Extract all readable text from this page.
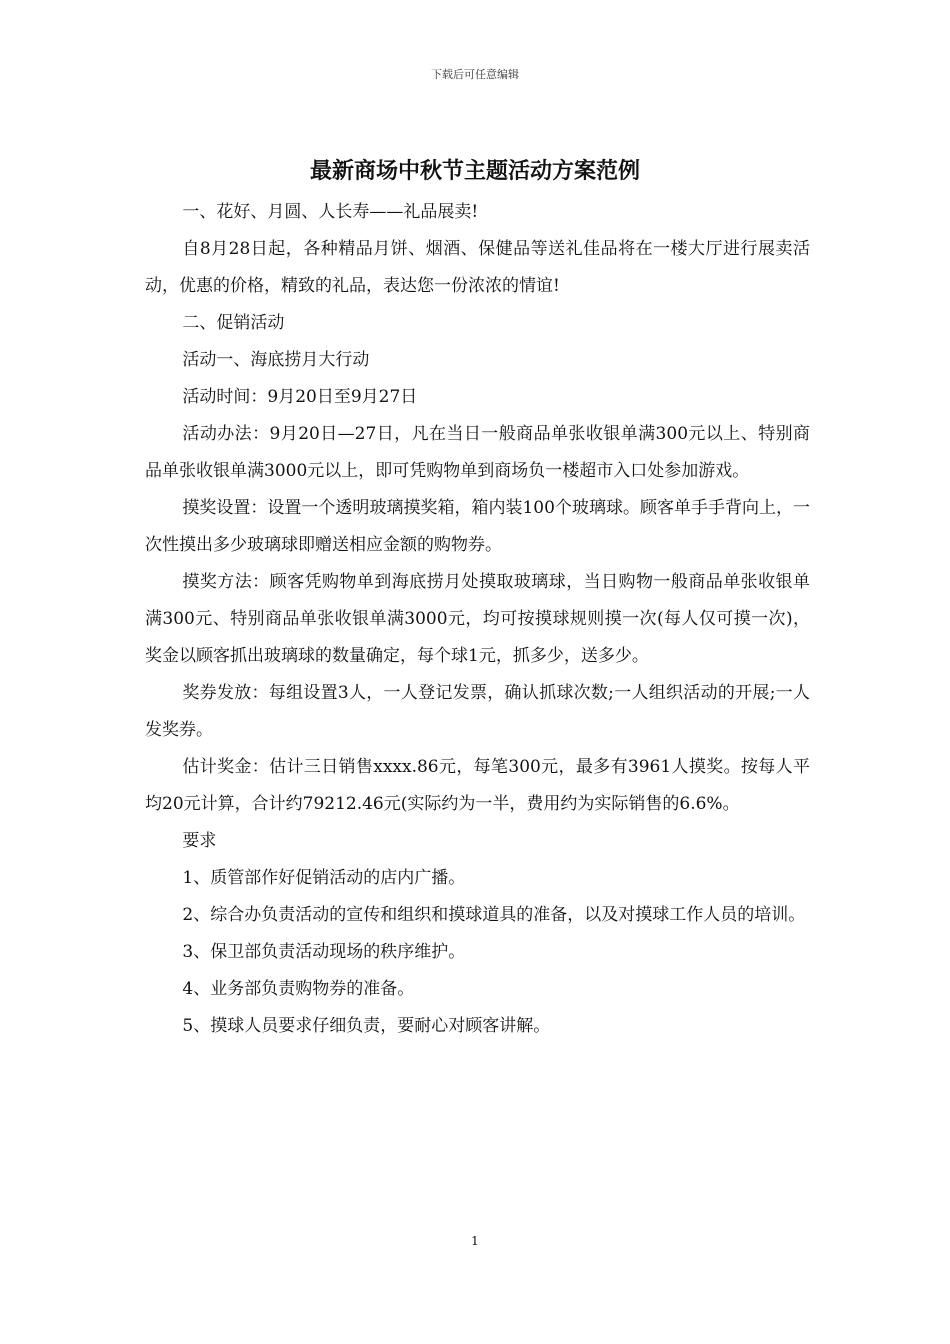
下载后可任意编辑
最新商场中秋节主题活动方案范例

一、花好、月圆、人长寿——礼品展卖!

自8月28日起，各种精品月饼、烟酒、保健品等送礼佳品将在一楼大厅进行展卖活动，优惠的价格，精致的礼品，表达您一份浓浓的情谊!

二、促销活动

活动一、海底捞月大行动

活动时间：9月20日至9月27日

活动办法：9月20日—27日，凡在当日一般商品单张收银单满300元以上、特别商品单张收银单满3000元以上，即可凭购物单到商场负一楼超市入口处参加游戏。

摸奖设置：设置一个透明玻璃摸奖箱，箱内装100个玻璃球。顾客单手手背向上，一次性摸出多少玻璃球即赠送相应金额的购物券。

摸奖方法：顾客凭购物单到海底捞月处摸取玻璃球，当日购物一般商品单张收银单满300元、特别商品单张收银单满3000元，均可按摸球规则摸一次(每人仅可摸一次)，奖金以顾客抓出玻璃球的数量确定，每个球1元，抓多少，送多少。

奖券发放：每组设置3人，一人登记发票，确认抓球次数;一人组织活动的开展;一人发奖券。

估计奖金：估计三日销售xxxx.86元，每笔300元，最多有3961人摸奖。按每人平均20元计算，合计约79212.46元(实际约为一半，费用约为实际销售的6.6%。

要求

1、质管部作好促销活动的店内广播。

2、综合办负责活动的宣传和组织和摸球道具的准备，以及对摸球工作人员的培训。

3、保卫部负责活动现场的秩序维护。

4、业务部负责购物券的准备。

5、摸球人员要求仔细负责，要耐心对顾客讲解。

1
